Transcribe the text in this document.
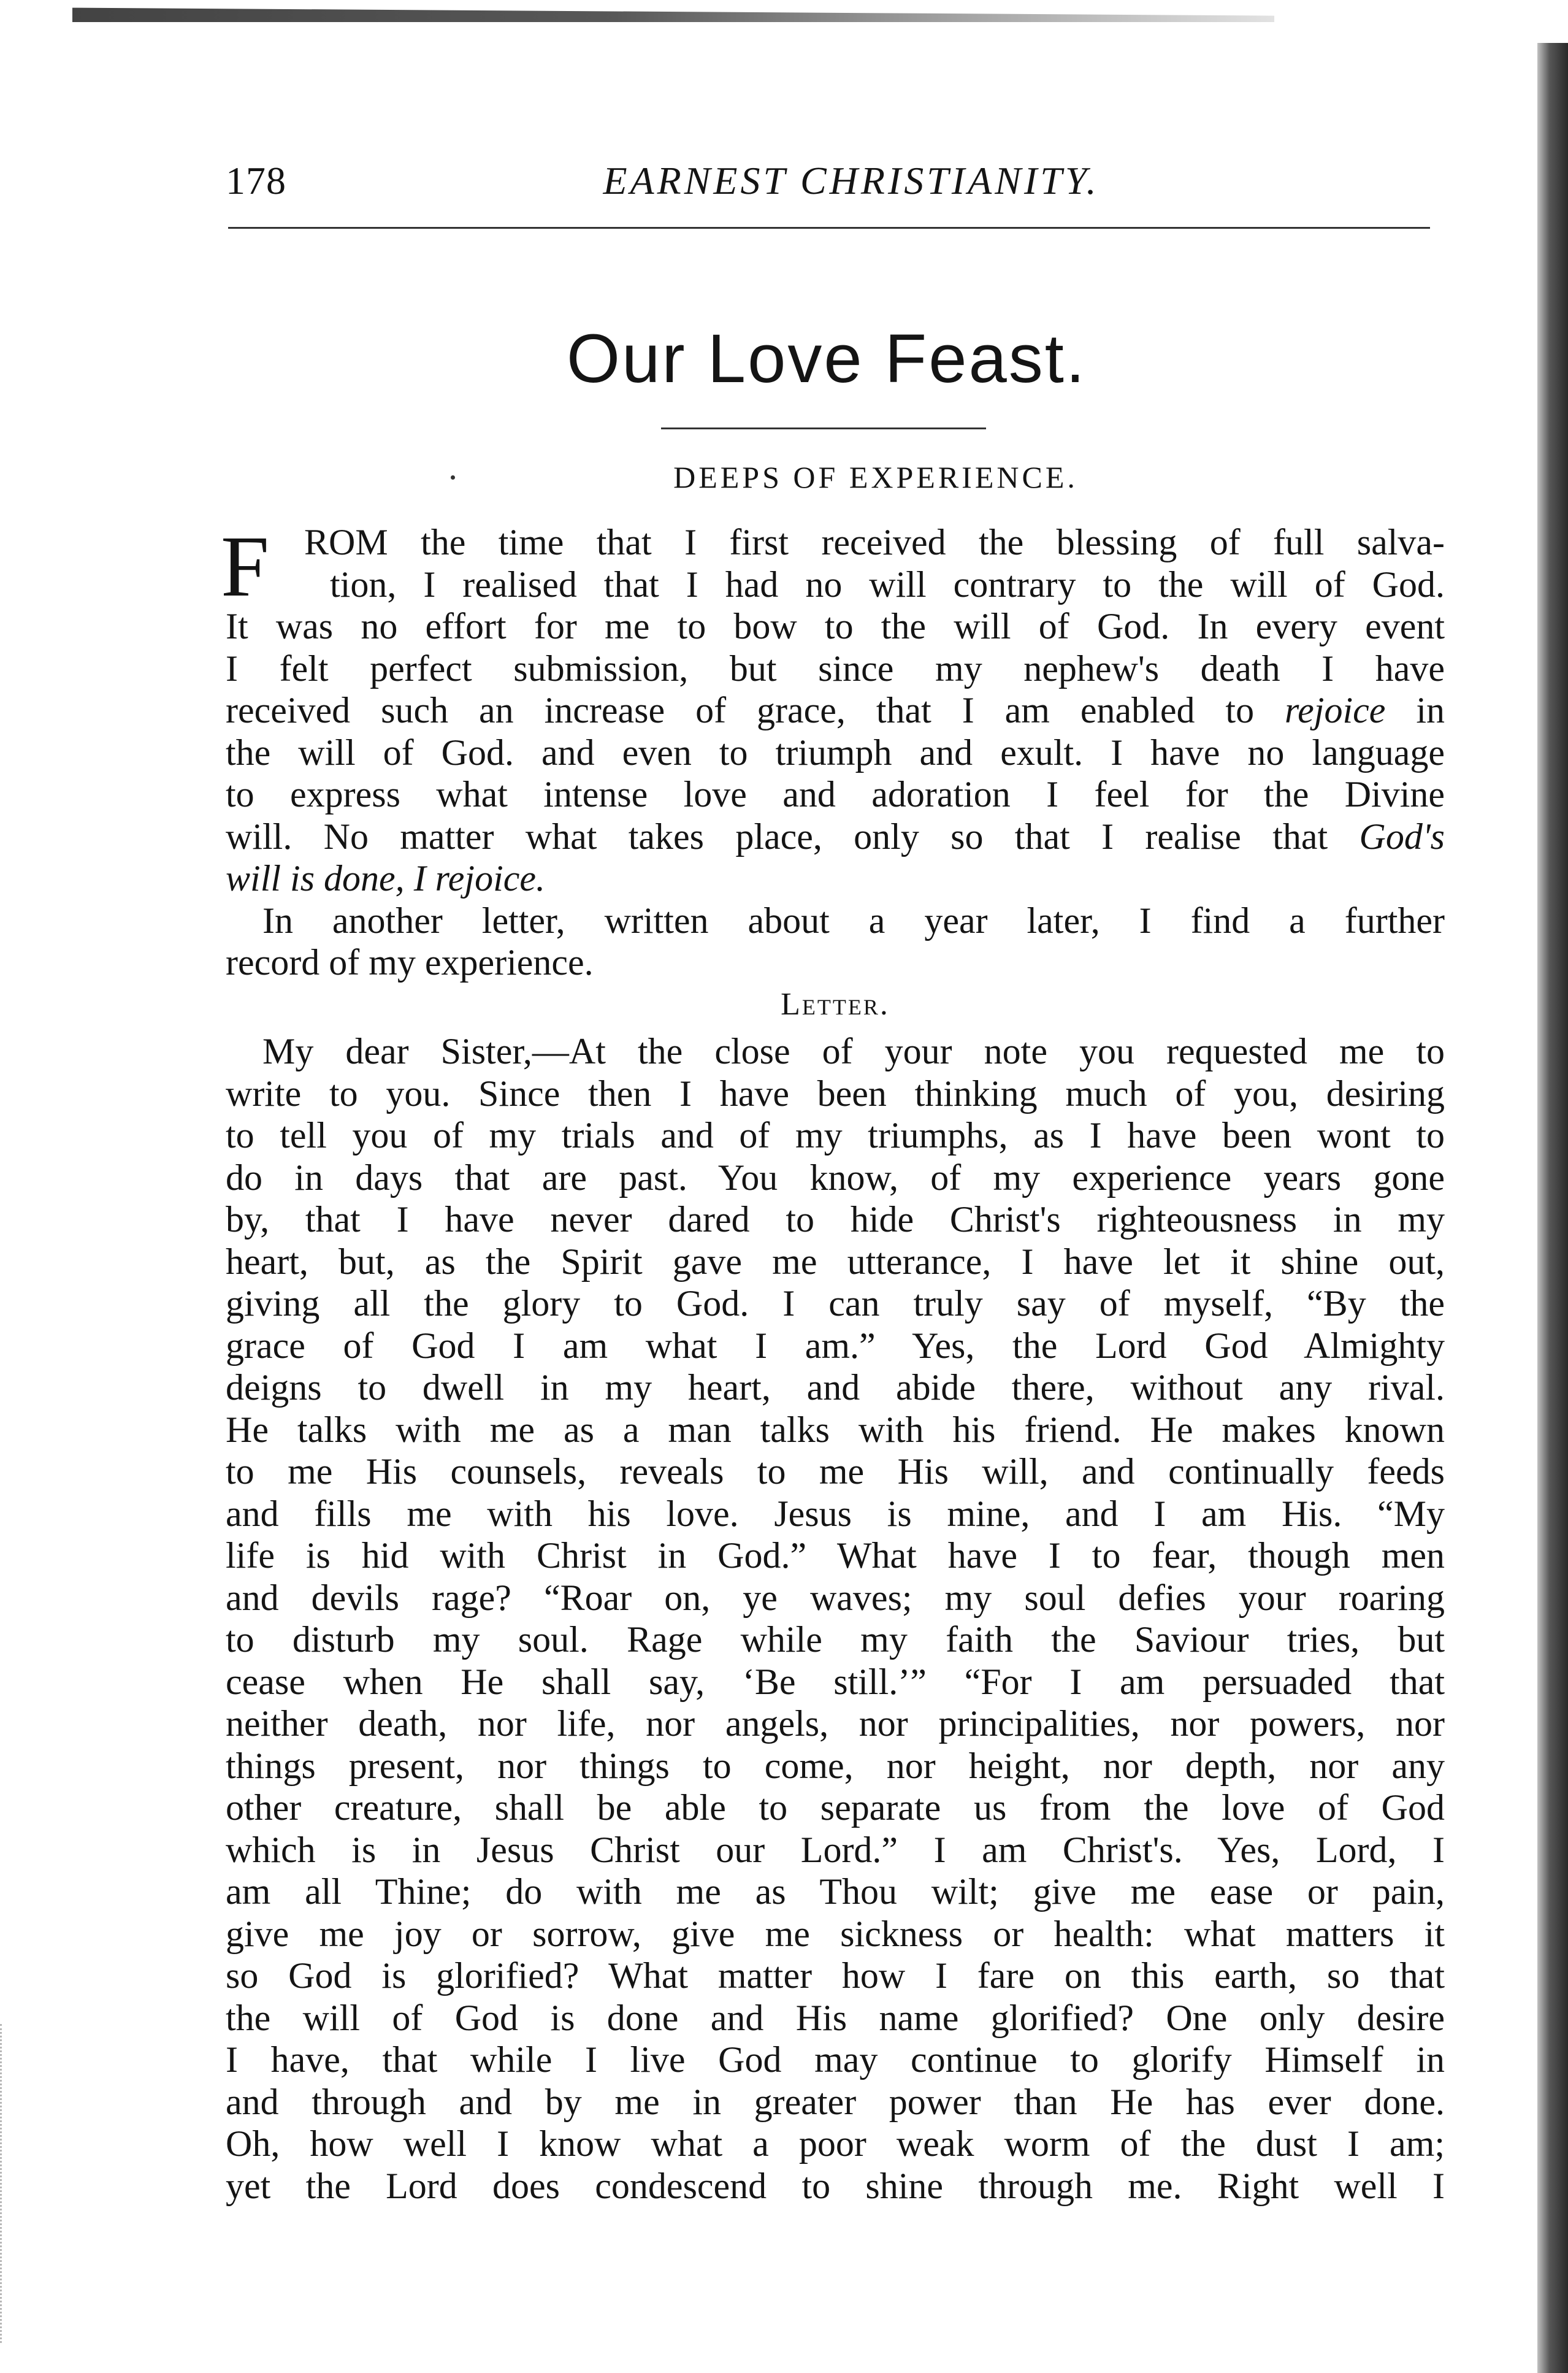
178	EARNEST CHRISTIANITY.
Our Love Feast.
DEEPS OF EXPERIENCE.
F ROM the time that I first received the blessing of full salva-
tion, I realised that I had no will contrary to the will of God.
It was no effort for me to bow to the will of God. In every event
I felt perfect submission, but since my nephew's death I have
received such an increase of grace, that I am enabled to rejoice in
the will of God. and even to triumph and exult. I have no language
to express what intense love and adoration I feel for the Divine
will. No matter what takes place, only so that I realise that God's
will is done, I rejoice.
In another letter, written about a year later, I find a further
record of my experience.
Letter.
My dear Sister,—At the close of your note you requested me to
write to you. Since then I have been thinking much of you, desiring
to tell you of my trials and of my triumphs, as I have been wont to
do in days that are past. You know, of my experience years gone
by, that I have never dared to hide Christ's righteousness in my
heart, but, as the Spirit gave me utterance, I have let it shine out,
giving all the glory to God. I can truly say of myself, “By the
grace of God I am what I am.” Yes, the Lord God Almighty
deigns to dwell in my heart, and abide there, without any rival.
He talks with me as a man talks with his friend. He makes known
to me His counsels, reveals to me His will, and continually feeds
and fills me with his love. Jesus is mine, and I am His. “My
life is hid with Christ in God.” What have I to fear, though men
and devils rage? “Roar on, ye waves; my soul defies your roaring
to disturb my soul. Rage while my faith the Saviour tries, but
cease when He shall say, ‘Be still.’” “For I am persuaded that
neither death, nor life, nor angels, nor principalities, nor powers, nor
things present, nor things to come, nor height, nor depth, nor any
other creature, shall be able to separate us from the love of God
which is in Jesus Christ our Lord.” I am Christ's. Yes, Lord, I
am all Thine; do with me as Thou wilt; give me ease or pain,
give me joy or sorrow, give me sickness or health: what matters it
so God is glorified? What matter how I fare on this earth, so that
the will of God is done and His name glorified? One only desire
I have, that while I live God may continue to glorify Himself in
and through and by me in greater power than He has ever done.
Oh, how well I know what a poor weak worm of the dust I am;
yet the Lord does condescend to shine through me. Right well I
